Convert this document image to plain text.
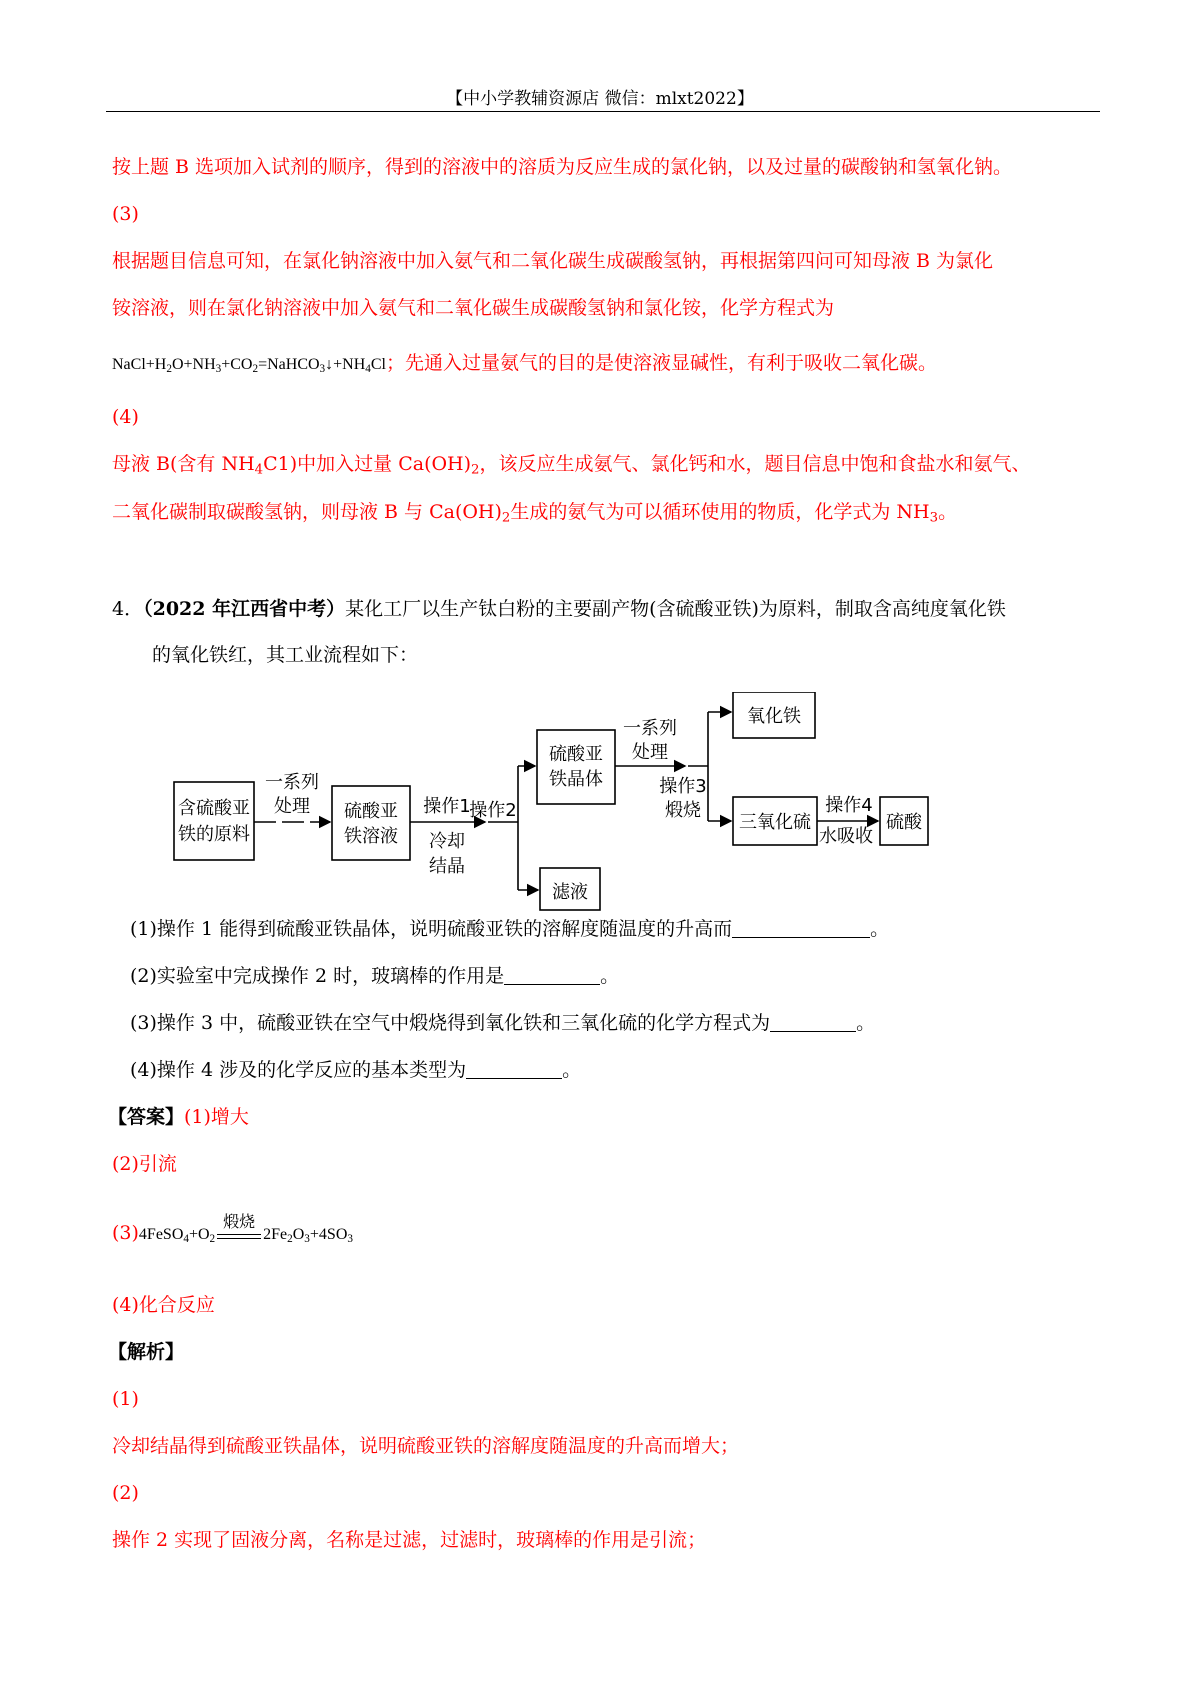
【中小学教辅资源店 微信：mlxt2022】
按上题 B 选项加入试剂的顺序，得到的溶液中的溶质为反应生成的氯化钠，以及过量的碳酸钠和氢氧化钠。
(3)
根据题目信息可知，在氯化钠溶液中加入氨气和二氧化碳生成碳酸氢钠，再根据第四问可知母液 B 为氯化
铵溶液，则在氯化钠溶液中加入氨气和二氧化碳生成碳酸氢钠和氯化铵，化学方程式为
$NaCl+H_2O+NH_3+CO_2=NaHCO_3↓+NH_4Cl$；先通入过量氨气的目的是使溶液显碱性，有利于吸收二氧化碳。
(4)
母液 B(含有 $NH_4C1$)中加入过量 $Ca(OH)_2$，该反应生成氨气、氯化钙和水，题目信息中饱和食盐水和氨气、
二氧化碳制取碳酸氢钠，则母液 B 与 $Ca(OH)_2$生成的氨气为可以循环使用的物质，化学式为 $NH_3$。
4．（2022 年江西省中考）某化工厂以生产钛白粉的主要副产物(含硫酸亚铁)为原料，制取含高纯度氧化铁
的氧化铁红，其工业流程如下：
含硫酸亚
铁的原料
一系列
处理 硫酸亚
铁溶液
操作1
冷却
结晶
操作2
硫酸亚
铁晶体
滤液
一系列
处理
操作3
煅烧
氧化铁
三氧化硫
操作4
水吸收
硫酸
(1)操作 1 能得到硫酸亚铁晶体，说明硫酸亚铁的溶解度随温度的升高而	。
(2)实验室中完成操作 2 时，玻璃棒的作用是	。
(3)操作 3 中，硫酸亚铁在空气中煅烧得到氧化铁和三氧化硫的化学方程式为	。
(4)操作 4 涉及的化学反应的基本类型为	。
【答案】(1)增大
(2)引流
$(3)4FeSO_4+O_2$
煅烧
$2Fe_2O_3+4SO_3$
(4)化合反应
【解析】
(1)
冷却结晶得到硫酸亚铁晶体，说明硫酸亚铁的溶解度随温度的升高而增大；
(2)
操作 2 实现了固液分离，名称是过滤，过滤时，玻璃棒的作用是引流；
